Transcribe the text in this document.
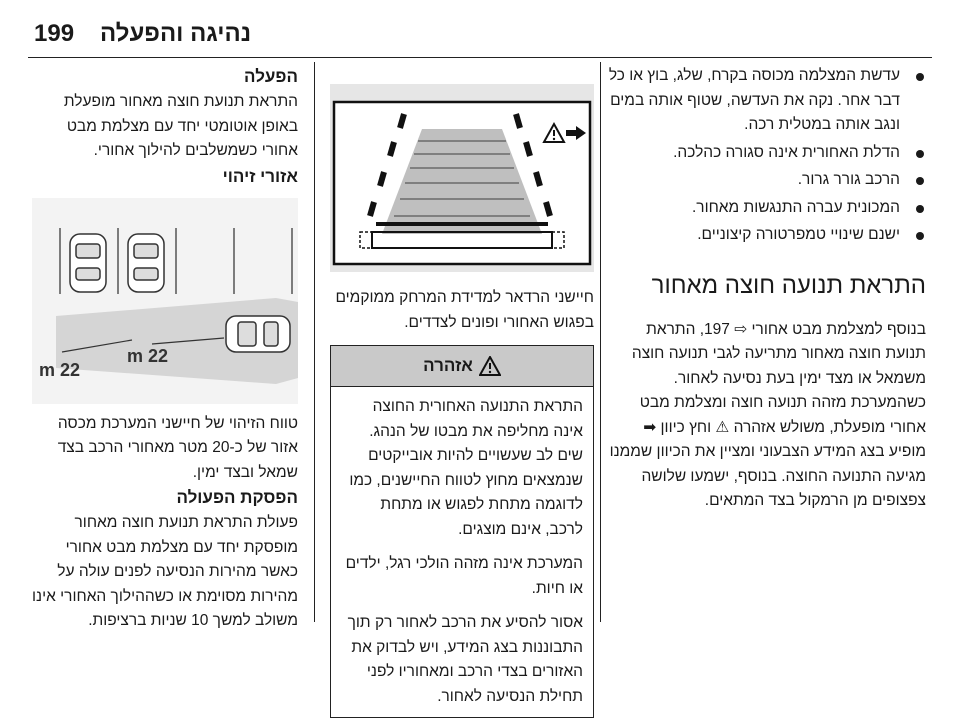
199 נהיגה והפעלה
עדשת המצלמה מכוסה בקרח, שלג, בוץ או כל דבר אחר. נקה את העדשה, שטוף אותה במים ונגב אותה במטלית רכה.
הדלת האחורית אינה סגורה כהלכה.
הרכב גורר גרור.
המכונית עברה התנגשות מאחור.
ישנם שינויי טמפרטורה קיצוניים.
התראת תנועה חוצה מאחור

בנוסף למצלמת מבט אחורי ⇨ 197, התראת תנועת חוצה מאחור מתריעה לגבי תנועה חוצה משמאל או מצד ימין בעת נסיעה לאחור. כשהמערכת מזהה תנועה חוצה ומצלמת מבט אחורי מופעלת, משולש אזהרה ⚠ וחץ כיוון ➡ מופיע בצג המידע הצבעוני ומציין את הכיוון שממנו מגיעה התנועה החוצה. בנוסף, ישמעו שלושה צפצופים מן הרמקול בצד המתאים.

חיישני הרדאר למדידת המרחק ממוקמים בפגוש האחורי ופונים לצדדים.

אזהרה

התראת התנועה האחורית החוצה אינה מחליפה את מבטו של הנהג. שים לב שעשויים להיות אובייקטים שנמצאים מחוץ לטווח החיישנים, כמו לדוגמה מתחת לפגוש או מתחת לרכב, אינם מוצגים.

המערכת אינה מזהה הולכי רגל, ילדים או חיות.

אסור להסיע את הרכב לאחור רק תוך התבוננות בצג המידע, ויש לבדוק את האזורים בצדי הרכב ומאחוריו לפני תחילת הנסיעה לאחור.

הפעלה

התראת תנועת חוצה מאחור מופעלת באופן אוטומטי יחד עם מצלמת מבט אחורי כשמשלבים להילוך אחורי.

אזורי זיהוי
22 m
22 m

טווח הזיהוי של חיישני המערכת מכסה אזור של כ-20 מטר מאחורי הרכב בצד שמאל ובצד ימין.

הפסקת הפעולה

פעולת התראת תנועת חוצה מאחור מופסקת יחד עם מצלמת מבט אחורי כאשר מהירות הנסיעה לפנים עולה על מהירות מסוימת או כשההילוך האחורי אינו משולב למשך 10 שניות ברציפות.
